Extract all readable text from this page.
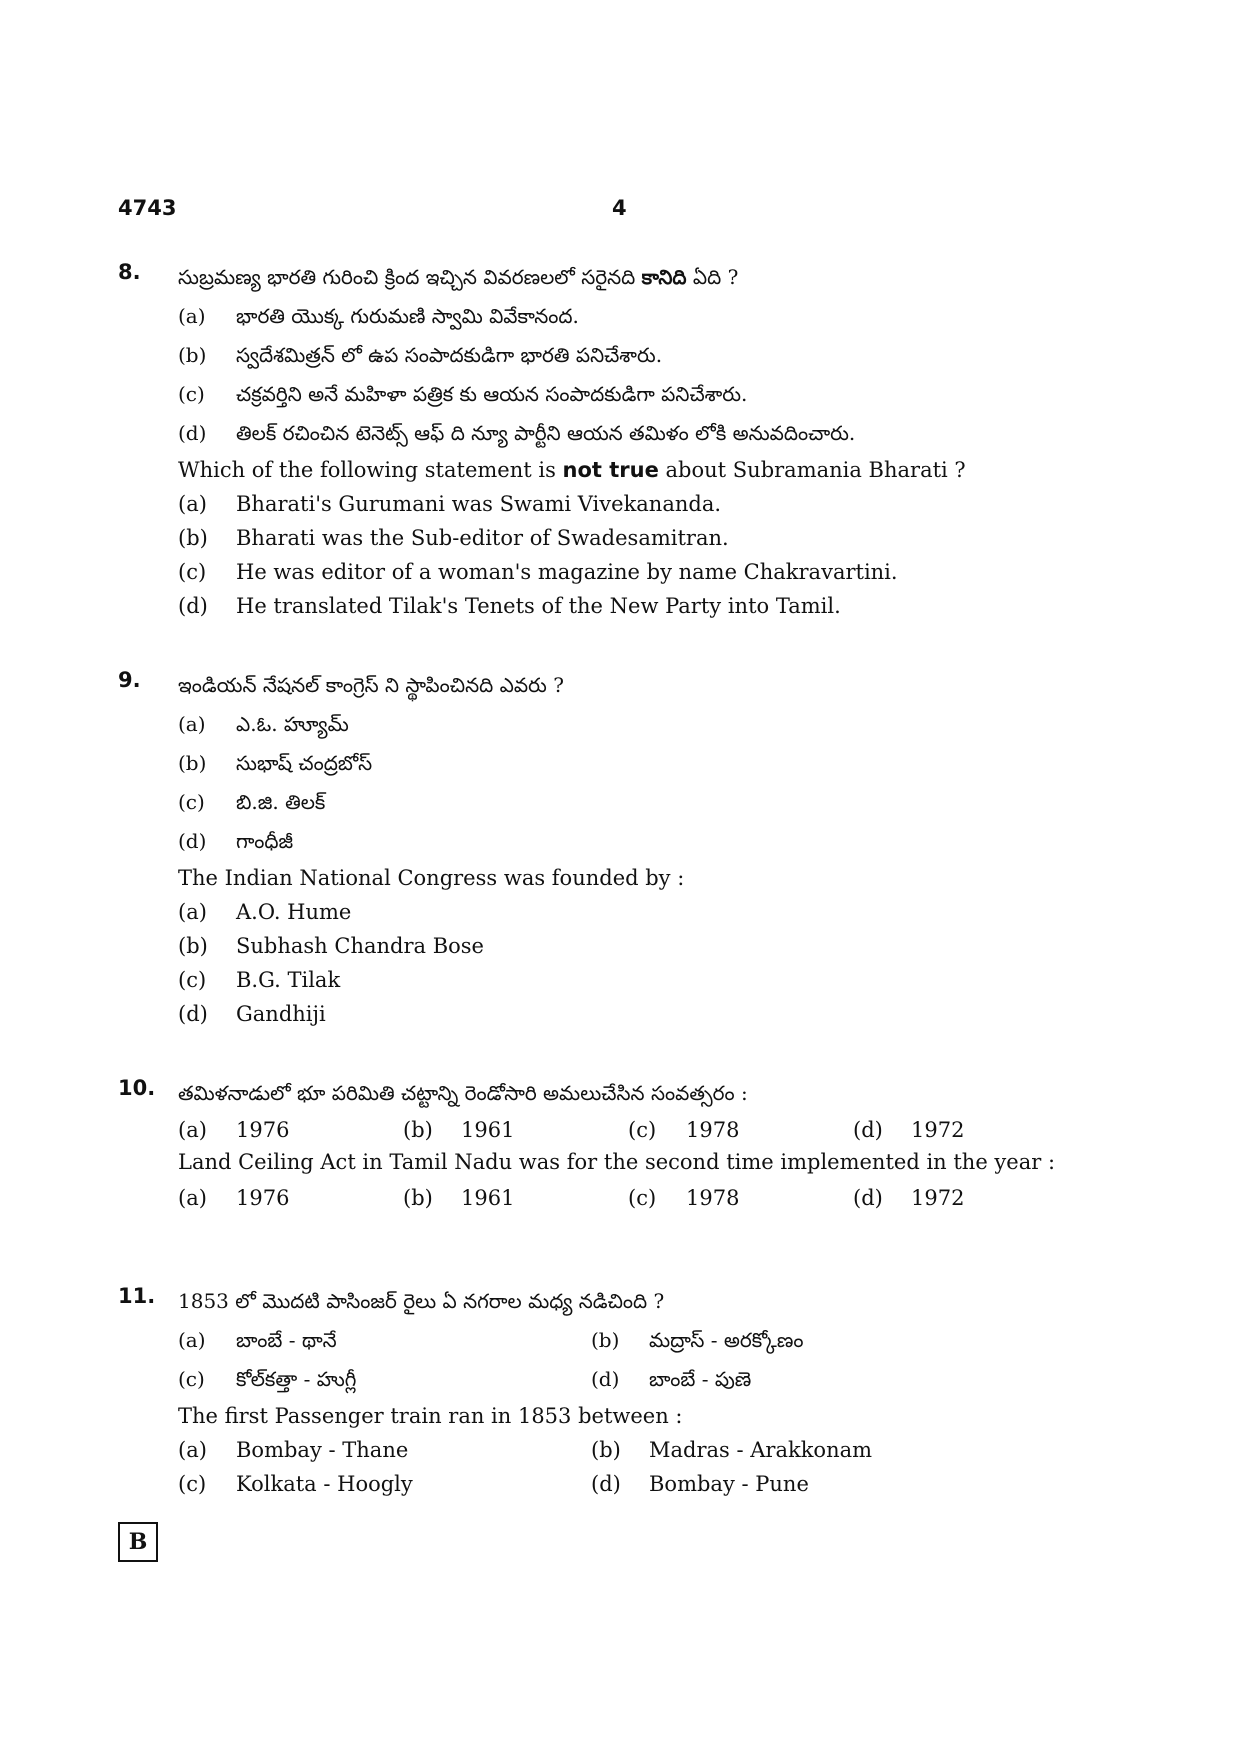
4743	4
8. సుబ్రమణ్య భారతి గురించి క్రింద ఇచ్చిన వివరణలలో సరైనది కానిది ఏది ?
(a)	భారతి యొక్క గురుమణి స్వామి వివేకానంద.
(b)	స్వదేశమిత్రన్ లో ఉప సంపాదకుడిగా భారతి పనిచేశారు.
(c)	చక్రవర్తిని అనే మహిళా పత్రిక కు ఆయన సంపాదకుడిగా పనిచేశారు.
(d)	తిలక్ రచించిన టెనెట్స్ ఆఫ్ ది న్యూ పార్టీని ఆయన తమిళం లోకి అనువదించారు.
Which of the following statement is not true about Subramania Bharati ?
(a)	Bharati's Gurumani was Swami Vivekananda.
(b)	Bharati was the Sub-editor of Swadesamitran.
(c)	He was editor of a woman's magazine by name Chakravartini.
(d)	He translated Tilak's Tenets of the New Party into Tamil.
9. ఇండియన్ నేషనల్ కాంగ్రెస్ ని స్థాపించినది ఎవరు ?
(a)	ఎ.ఓ. హ్యూమ్
(b)	సుభాష్ చంద్రబోస్
(c)	బి.జి. తిలక్
(d)	గాంధీజీ
The Indian National Congress was founded by :
(a)	A.O. Hume
(b)	Subhash Chandra Bose
(c)	B.G. Tilak
(d)	Gandhiji
10. తమిళనాడులో భూ పరిమితి చట్టాన్ని రెండోసారి అమలుచేసిన సంవత్సరం :
(a)	1976	(b)	1961	(c)	1978	(d)	1972
Land Ceiling Act in Tamil Nadu was for the second time implemented in the year :
(a)	1976	(b)	1961	(c)	1978	(d)	1972
11. 1853 లో మొదటి పాసింజర్ రైలు ఏ నగరాల మధ్య నడిచింది ?
(a)	బాంబే - థానే	(b)	మద్రాస్ - అరక్కోణం
(c)	కోల్‌కత్తా - హుగ్లీ	(d)	బాంబే - పుణె
The first Passenger train ran in 1853 between :
(a)	Bombay - Thane	(b)	Madras - Arakkonam
(c)	Kolkata - Hoogly	(d)	Bombay - Pune
B
